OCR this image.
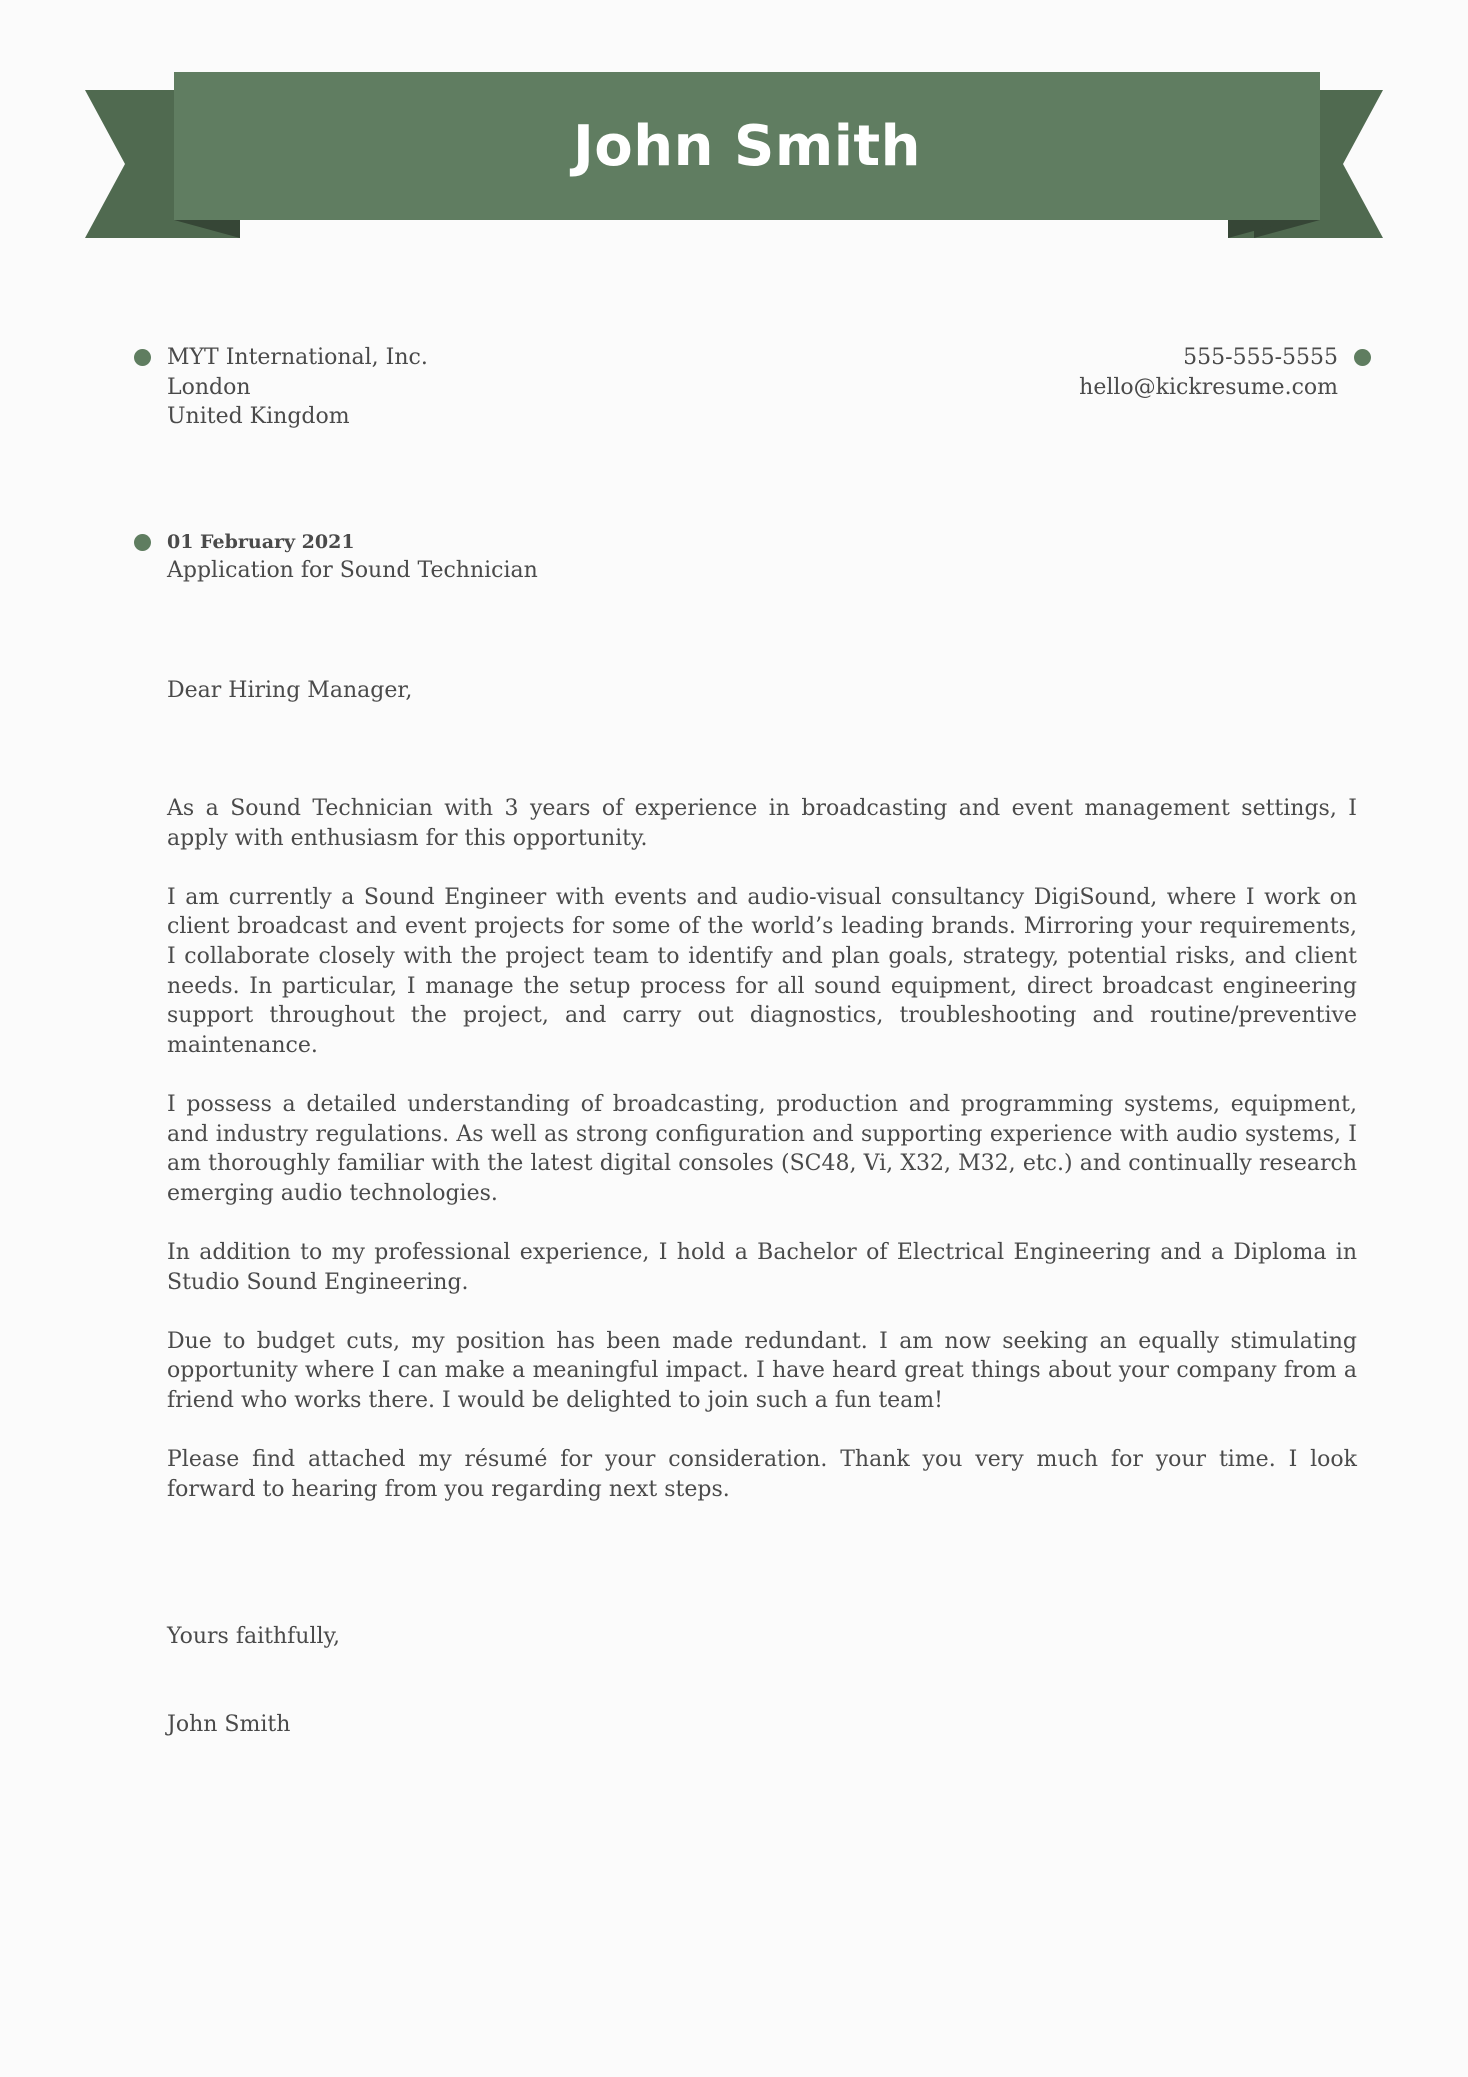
John Smith
MYT International, Inc.
London
United Kingdom
555-555-5555
hello@kickresume.com
01 February 2021
Application for Sound Technician
Dear Hiring Manager,

As a Sound Technician with 3 years of experience in broadcasting and event management settings, I apply with enthusiasm for this opportunity.

I am currently a Sound Engineer with events and audio-visual consultancy DigiSound, where I work on client broadcast and event projects for some of the world’s leading brands. Mirroring your requirements, I collaborate closely with the project team to identify and plan goals, strategy, potential risks, and client needs. In particular, I manage the setup process for all sound equipment, direct broadcast engineering support throughout the project, and carry out diagnostics, troubleshooting and routine/preventive maintenance.

I possess a detailed understanding of broadcasting, production and programming systems, equipment, and industry regulations. As well as strong configuration and supporting experience with audio systems, I am thoroughly familiar with the latest digital consoles (SC48, Vi, X32, M32, etc.) and continually research emerging audio technologies.

In addition to my professional experience, I hold a Bachelor of Electrical Engineering and a Diploma in Studio Sound Engineering.

Due to budget cuts, my position has been made redundant. I am now seeking an equally stimulating opportunity where I can make a meaningful impact. I have heard great things about your company from a friend who works there. I would be delighted to join such a fun team!

Please find attached my résumé for your consideration. Thank you very much for your time. I look forward to hearing from you regarding next steps.

Yours faithfully,
John Smith
